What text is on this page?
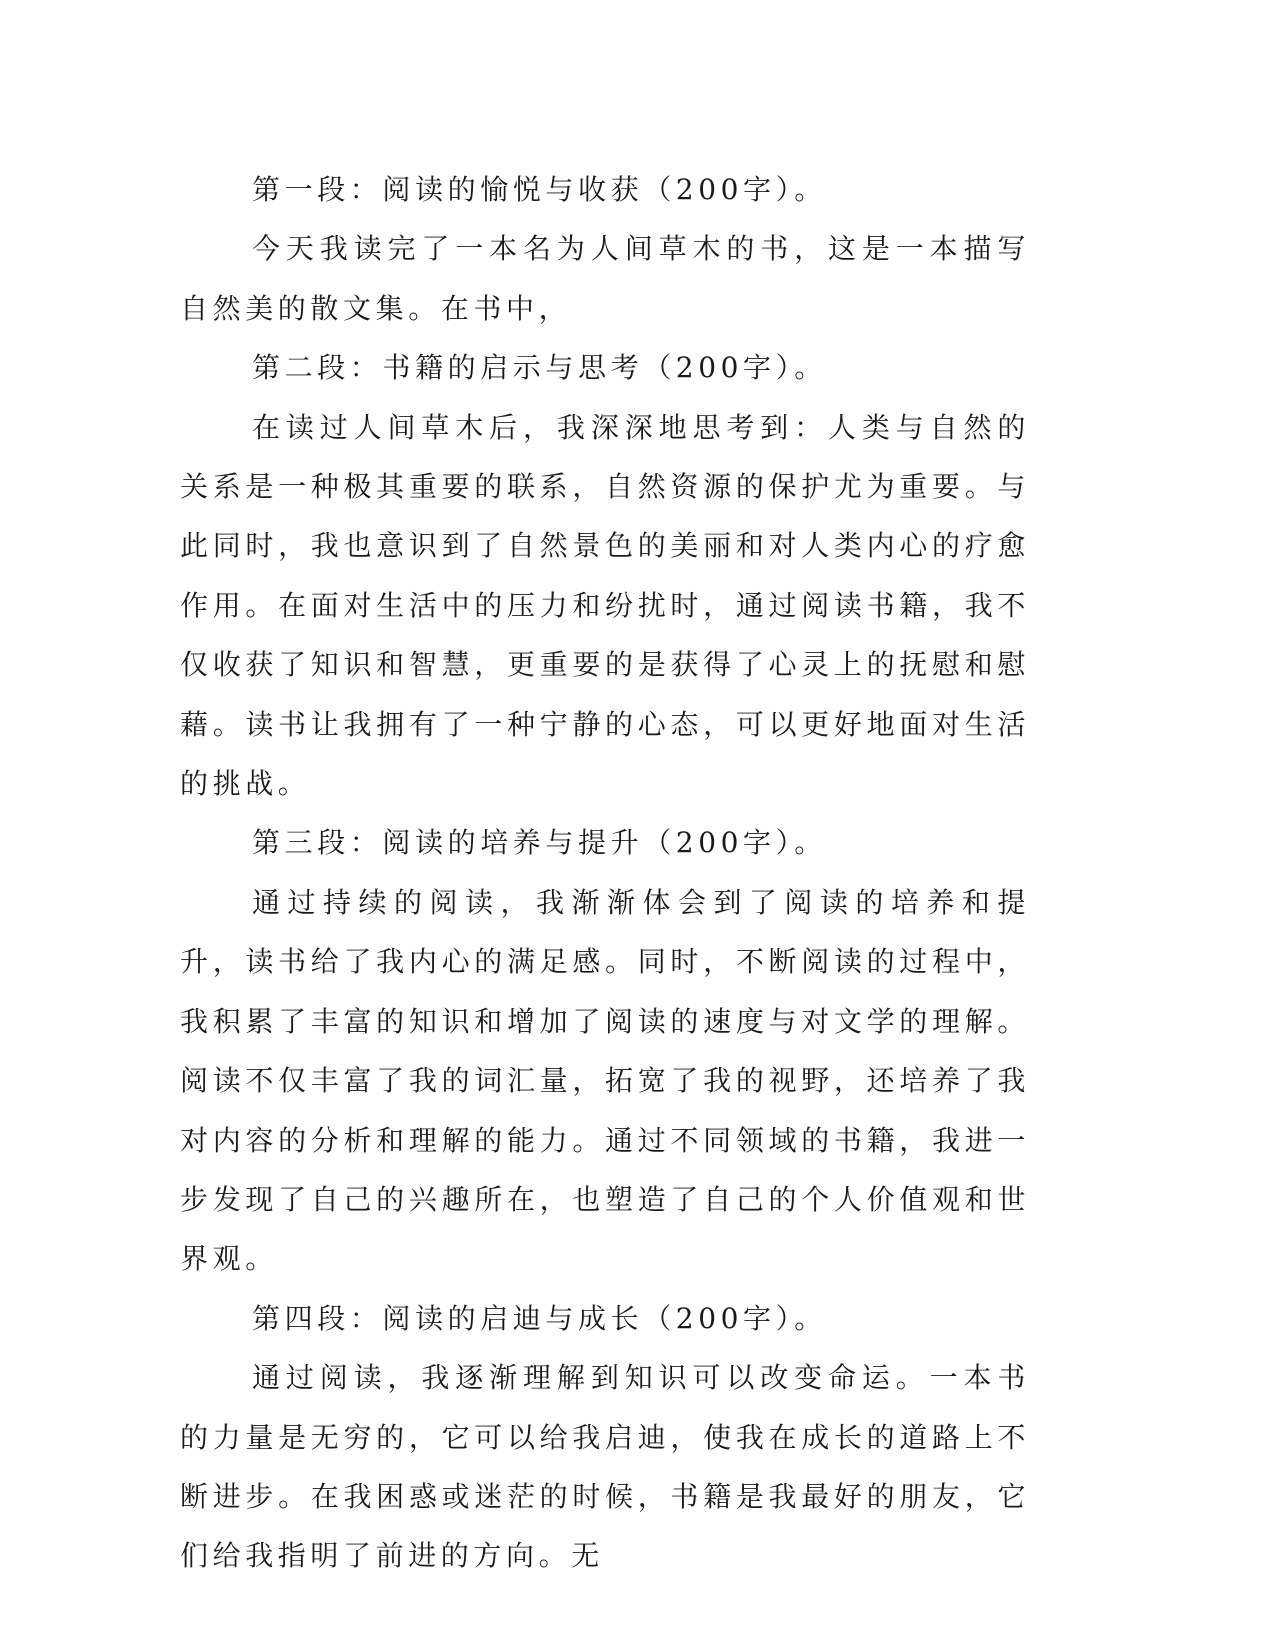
第一段：阅读的愉悦与收获（200字）。

今天我读完了一本名为人间草木的书，这是一本描写自然美的散文集。在书中，

第二段：书籍的启示与思考（200字）。

在读过人间草木后，我深深地思考到：人类与自然的关系是一种极其重要的联系，自然资源的保护尤为重要。与此同时，我也意识到了自然景色的美丽和对人类内心的疗愈作用。在面对生活中的压力和纷扰时，通过阅读书籍，我不仅收获了知识和智慧，更重要的是获得了心灵上的抚慰和慰藉。读书让我拥有了一种宁静的心态，可以更好地面对生活的挑战。

第三段：阅读的培养与提升（200字）。

通过持续的阅读，我渐渐体会到了阅读的培养和提升，读书给了我内心的满足感。同时，不断阅读的过程中，我积累了丰富的知识和增加了阅读的速度与对文学的理解。阅读不仅丰富了我的词汇量，拓宽了我的视野，还培养了我对内容的分析和理解的能力。通过不同领域的书籍，我进一步发现了自己的兴趣所在，也塑造了自己的个人价值观和世界观。

第四段：阅读的启迪与成长（200字）。

通过阅读，我逐渐理解到知识可以改变命运。一本书的力量是无穷的，它可以给我启迪，使我在成长的道路上不断进步。在我困惑或迷茫的时候，书籍是我最好的朋友，它们给我指明了前进的方向。无
